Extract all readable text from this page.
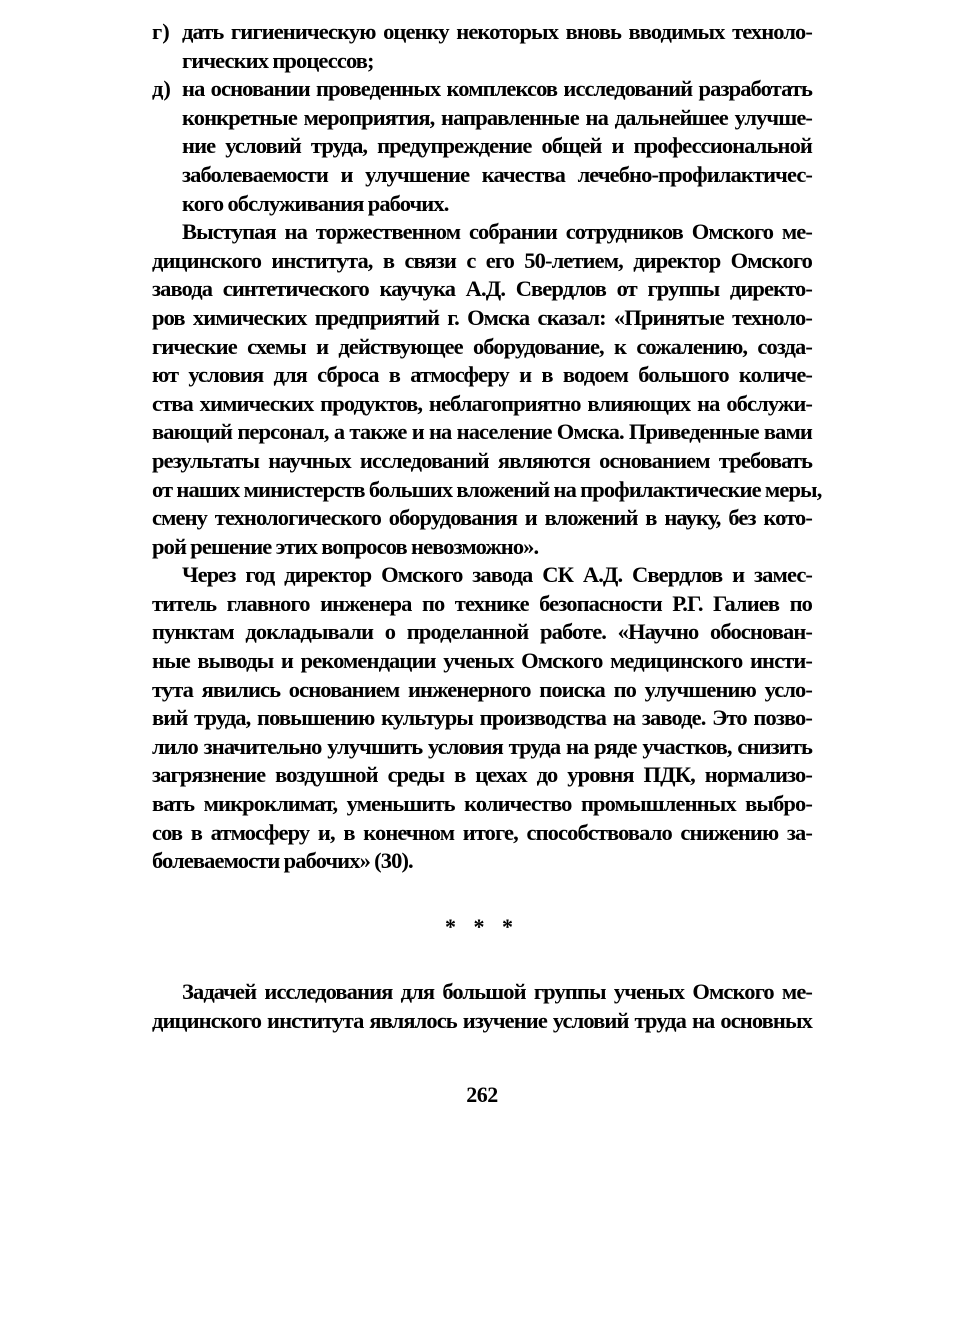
г) дать гигиеническую оценку некоторых вновь вводимых техноло-
гических процессов;
д) на основании проведенных комплексов исследований разработать
конкретные мероприятия, направленные на дальнейшее улучше-
ние условий труда, предупреждение общей и профессиональной
заболеваемости и улучшение качества лечебно-профилактичес-
кого обслуживания рабочих.
Выступая на торжественном собрании сотрудников Омского ме-
дицинского института, в связи с его 50-летием, директор Омского
завода синтетического каучука А.Д. Свердлов от группы директо-
ров химических предприятий г. Омска сказал: «Принятые техноло-
гические схемы и действующее оборудование, к сожалению, созда-
ют условия для сброса в атмосферу и в водоем большого количе-
ства химических продуктов, неблагоприятно влияющих на обслужи-
вающий персонал, а также и на население Омска. Приведенные вами
результаты научных исследований являются основанием требовать
от наших министерств больших вложений на профилактические меры,
смену технологического оборудования и вложений в науку, без кото-
рой решение этих вопросов невозможно».
Через год директор Омского завода СК А.Д. Свердлов и замес-
титель главного инженера по технике безопасности Р.Г. Галиев по
пунктам докладывали о проделанной работе. «Научно обоснован-
ные выводы и рекомендации ученых Омского медицинского инсти-
тута явились основанием инженерного поиска по улучшению усло-
вий труда, повышению культуры производства на заводе. Это позво-
лило значительно улучшить условия труда на ряде участков, снизить
загрязнение воздушной среды в цехах до уровня ПДК, нормализо-
вать микроклимат, уменьшить количество промышленных выбро-
сов в атмосферу и, в конечном итоге, способствовало снижению за-
болеваемости рабочих» (30).
* * *
Задачей исследования для большой группы ученых Омского ме-
дицинского института являлось изучение условий труда на основных
262
